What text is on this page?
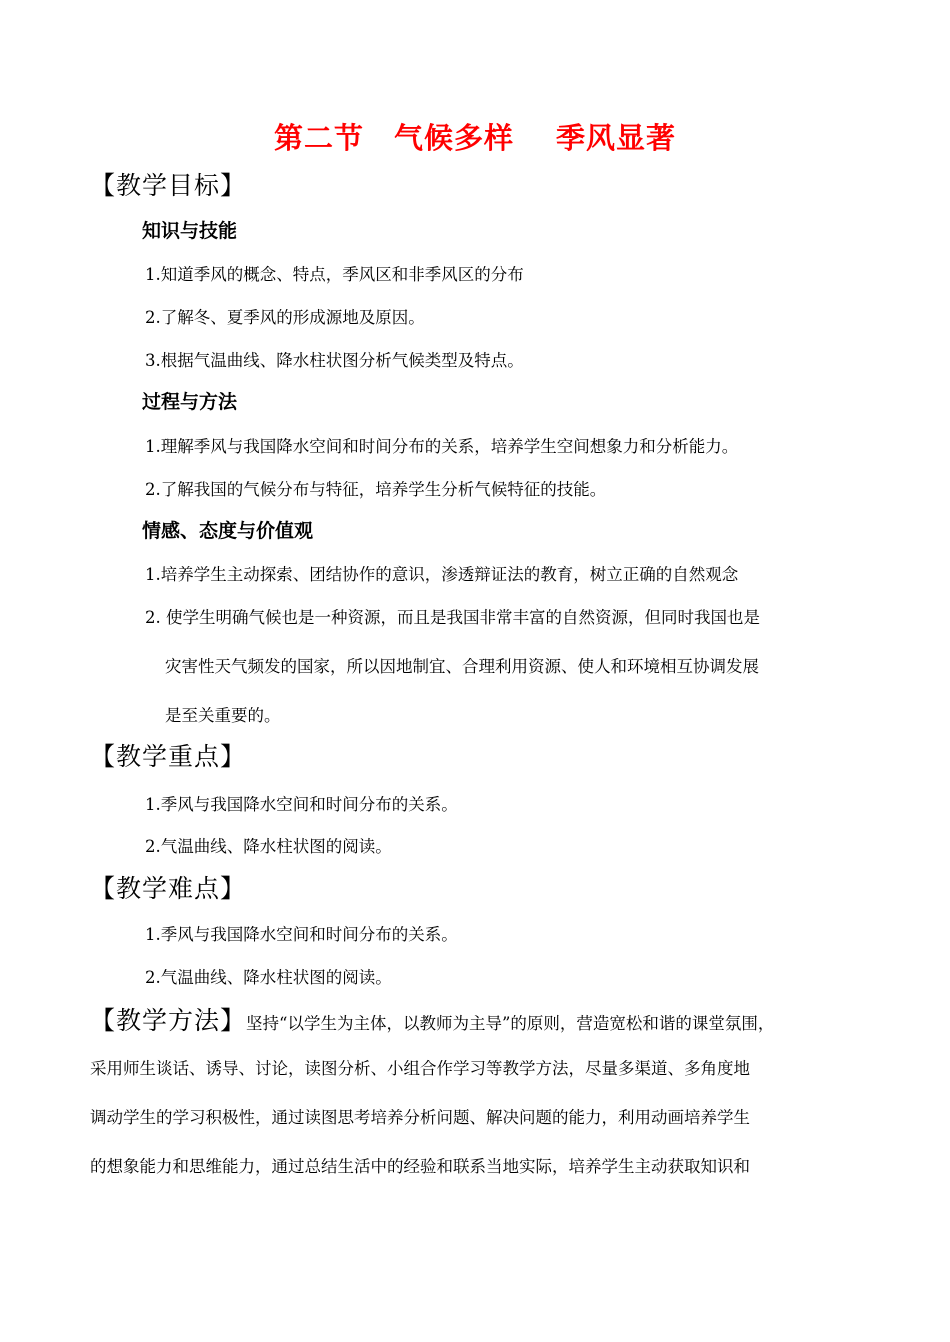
第二节 气候多样 季风显著
【教学目标】
知识与技能
1.知道季风的概念、特点，季风区和非季风区的分布
2.了解冬、夏季风的形成源地及原因。
3.根据气温曲线、降水柱状图分析气候类型及特点。
过程与方法
1.理解季风与我国降水空间和时间分布的关系，培养学生空间想象力和分析能力。
2.了解我国的气候分布与特征，培养学生分析气候特征的技能。
情感、态度与价值观
1.培养学生主动探索、团结协作的意识，渗透辩证法的教育，树立正确的自然观念
2. 使学生明确气候也是一种资源，而且是我国非常丰富的自然资源，但同时我国也是
灾害性天气频发的国家，所以因地制宜、合理利用资源、使人和环境相互协调发展
是至关重要的。
【教学重点】
1.季风与我国降水空间和时间分布的关系。
2.气温曲线、降水柱状图的阅读。
【教学难点】
1.季风与我国降水空间和时间分布的关系。
2.气温曲线、降水柱状图的阅读。
【教学方法】坚持“以学生为主体，以教师为主导”的原则，营造宽松和谐的课堂氛围，
采用师生谈话、诱导、讨论，读图分析、小组合作学习等教学方法，尽量多渠道、多角度地
调动学生的学习积极性，通过读图思考培养分析问题、解决问题的能力，利用动画培养学生
的想象能力和思维能力，通过总结生活中的经验和联系当地实际，培养学生主动获取知识和
